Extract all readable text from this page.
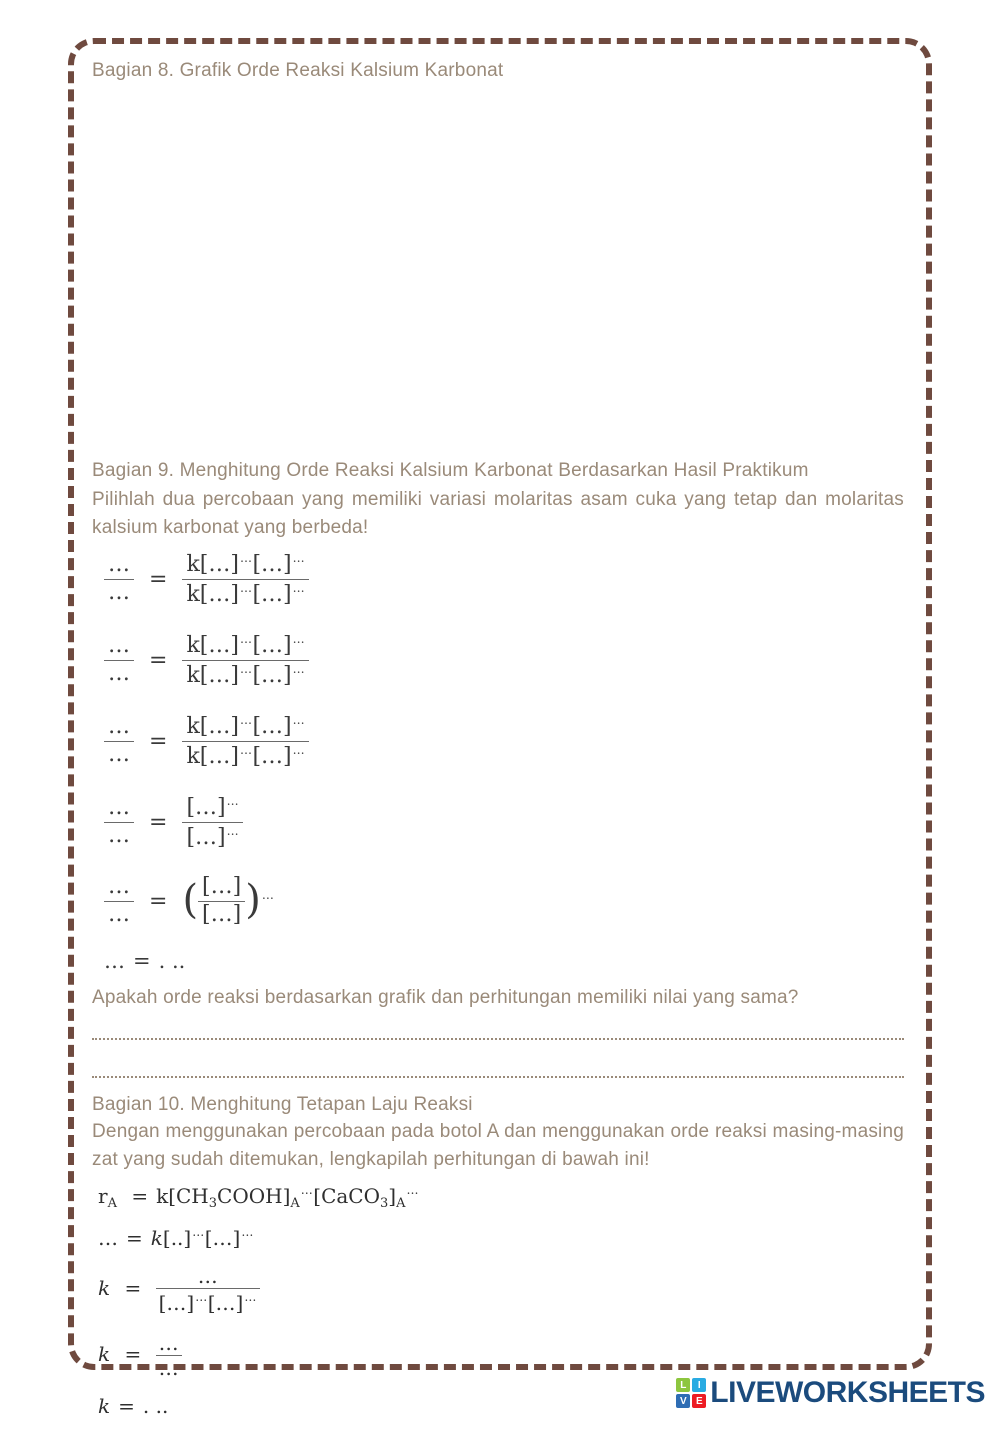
Bagian 8. Grafik Orde Reaksi Kalsium Karbonat
Bagian 9. Menghitung Orde Reaksi Kalsium Karbonat Berdasarkan Hasil Praktikum

Pilihlah dua percobaan yang memiliki variasi molaritas asam cuka yang tetap dan molaritas kalsium karbonat yang berbeda!

$\frac{\dots}{\dots} = \frac{k[\dots]^\dots[\dots]^\dots}{k[\dots]^\dots[\dots]^\dots}$
$\frac{\dots}{\dots} = \frac{k[\dots]^\dots[\dots]^\dots}{k[\dots]^\dots[\dots]^\dots}$
$\frac{\dots}{\dots} = \frac{k[\dots]^\dots[\dots]^\dots}{k[\dots]^\dots[\dots]^\dots}$
$\frac{\dots}{\dots} = \frac{[\dots]^\dots}{[\dots]^\dots}$
$\frac{\dots}{\dots}$ = ( $\frac{[\dots]}{[\dots]} )^\dots$
… = . ..

Apakah orde reaksi berdasarkan grafik dan perhitungan memiliki nilai yang sama?

Bagian 10. Menghitung Tetapan Laju Reaksi

Dengan menggunakan percobaan pada botol A dan menggunakan orde reaksi masing-masing zat yang sudah ditemukan, lengkapilah perhitungan di bawah ini!

$r_A$ = $k[CH_3COOH]_A^\dots[CaCO_3]_A^\dots$
… = k[..]…[…]…
$k = \frac{\dots}{[\dots]^\dots[\dots]^\dots}$
$k = \frac{\dots}{\dots}$
k = . ..
L I
V E LIVEWORKSHEETS
